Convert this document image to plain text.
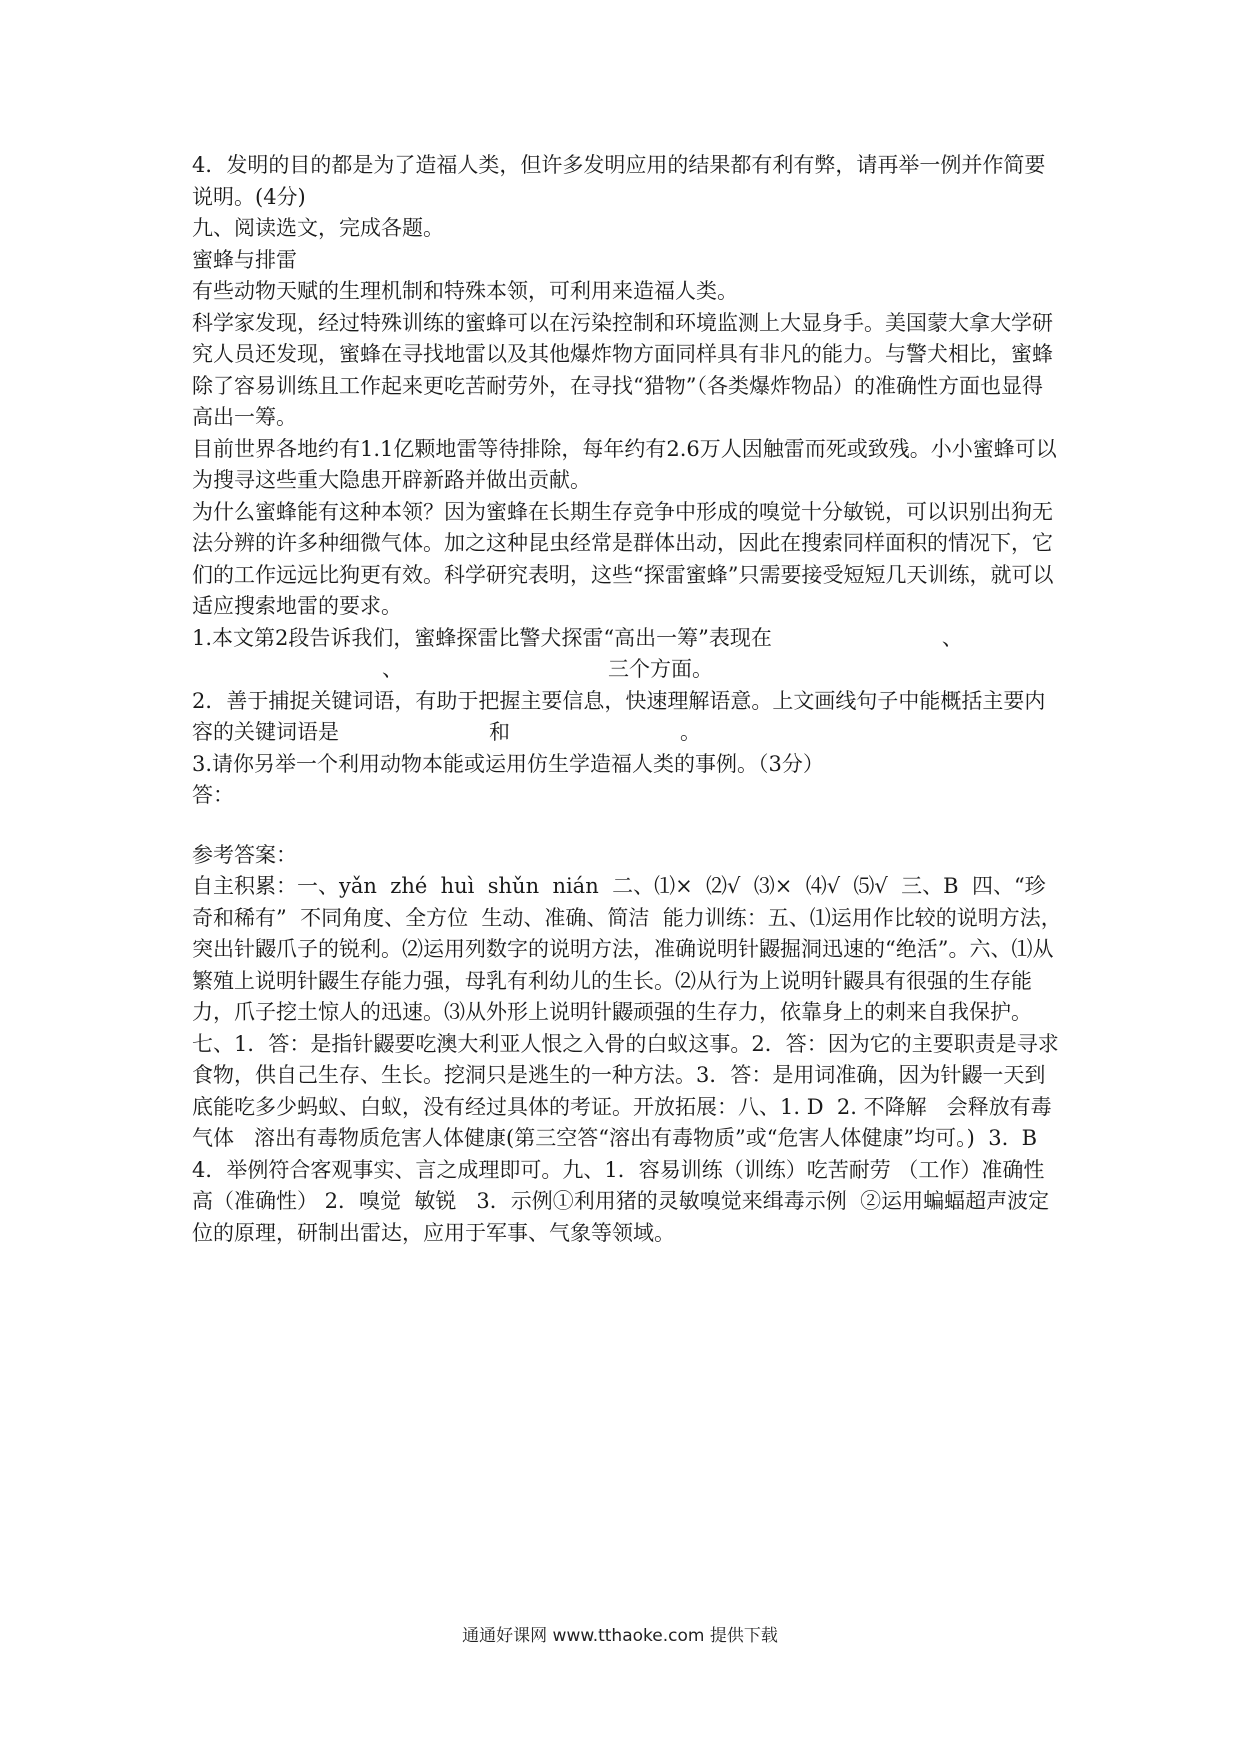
4．发明的目的都是为了造福人类，但许多发明应用的结果都有利有弊，请再举一例并作简要说明。(4分)

九、阅读选文，完成各题。

蜜蜂与排雷

有些动物天赋的生理机制和特殊本领，可利用来造福人类。

科学家发现，经过特殊训练的蜜蜂可以在污染控制和环境监测上大显身手。美国蒙大拿大学研究人员还发现，蜜蜂在寻找地雷以及其他爆炸物方面同样具有非凡的能力。与警犬相比，蜜蜂除了容易训练且工作起来更吃苦耐劳外，在寻找“猎物”（各类爆炸物品）的准确性方面也显得高出一筹。

目前世界各地约有1.1亿颗地雷等待排除，每年约有2.6万人因触雷而死或致残。小小蜜蜂可以为搜寻这些重大隐患开辟新路并做出贡献。

为什么蜜蜂能有这种本领？因为蜜蜂在长期生存竞争中形成的嗅觉十分敏锐，可以识别出狗无法分辨的许多种细微气体。加之这种昆虫经常是群体出动，因此在搜索同样面积的情况下，它们的工作远远比狗更有效。科学研究表明，这些“探雷蜜蜂”只需要接受短短几天训练，就可以适应搜索地雷的要求。

1.本文第2段告诉我们，蜜蜂探雷比警犬探雷“高出一筹”表现在	、
、	三个方面。

2．善于捕捉关键词语，有助于把握主要信息，快速理解语意。上文画线句子中能概括主要内容的关键词语是	和	。

3.请你另举一个利用动物本能或运用仿生学造福人类的事例。（3分）

答：

参考答案：

自主积累：一、yǎn  zhé  huì  shǔn  nián  二、⑴×  ⑵√  ⑶×  ⑷√  ⑸√  三、B  四、“珍奇和稀有”  不同角度、全方位  生动、准确、简洁  能力训练：五、⑴运用作比较的说明方法，突出针鼹爪子的锐利。⑵运用列数字的说明方法，准确说明针鼹掘洞迅速的“绝活”。六、⑴从繁殖上说明针鼹生存能力强，母乳有利幼儿的生长。⑵从行为上说明针鼹具有很强的生存能力，爪子挖土惊人的迅速。⑶从外形上说明针鼹顽强的生存力，依靠身上的刺来自我保护。七、1．答：是指针鼹要吃澳大利亚人恨之入骨的白蚁这事。2．答：因为它的主要职责是寻求食物，供自己生存、生长。挖洞只是逃生的一种方法。3．答：是用词准确，因为针鼹一天到底能吃多少蚂蚁、白蚁，没有经过具体的考证。开放拓展：八、1. D  2. 不降解   会释放有毒气体   溶出有毒物质危害人体健康(第三空答“溶出有毒物质”或“危害人体健康”均可。)  3.  B  4．举例符合客观事实、言之成理即可。九、1．容易训练（训练）吃苦耐劳 （工作）准确性高（准确性） 2．嗅觉  敏锐   3．示例①利用猪的灵敏嗅觉来缉毒示例  ②运用蝙蝠超声波定位的原理，研制出雷达，应用于军事、气象等领域。

通通好课网 www.tthaoke.com 提供下载
